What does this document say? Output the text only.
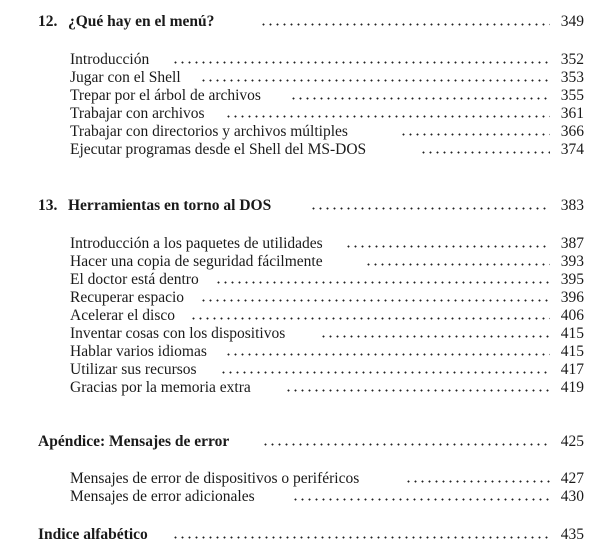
12. ¿Qué hay en el menú?	349
Introducción	352
Jugar con el Shell	353
Trepar por el árbol de archivos	355
Trabajar con archivos	361
Trabajar con directorios y archivos múltiples	366
Ejecutar programas desde el Shell del MS-DOS	374
13. Herramientas en torno al DOS	383
Introducción a los paquetes de utilidades	387
Hacer una copia de seguridad fácilmente	393
El doctor está dentro	395
Recuperar espacio	396
Acelerar el disco	406
Inventar cosas con los dispositivos	415
Hablar varios idiomas	415
Utilizar sus recursos	417
Gracias por la memoria extra	419
Apéndice: Mensajes de error	425
Mensajes de error de dispositivos o periféricos	427
Mensajes de error adicionales	430
Indice alfabético	435
